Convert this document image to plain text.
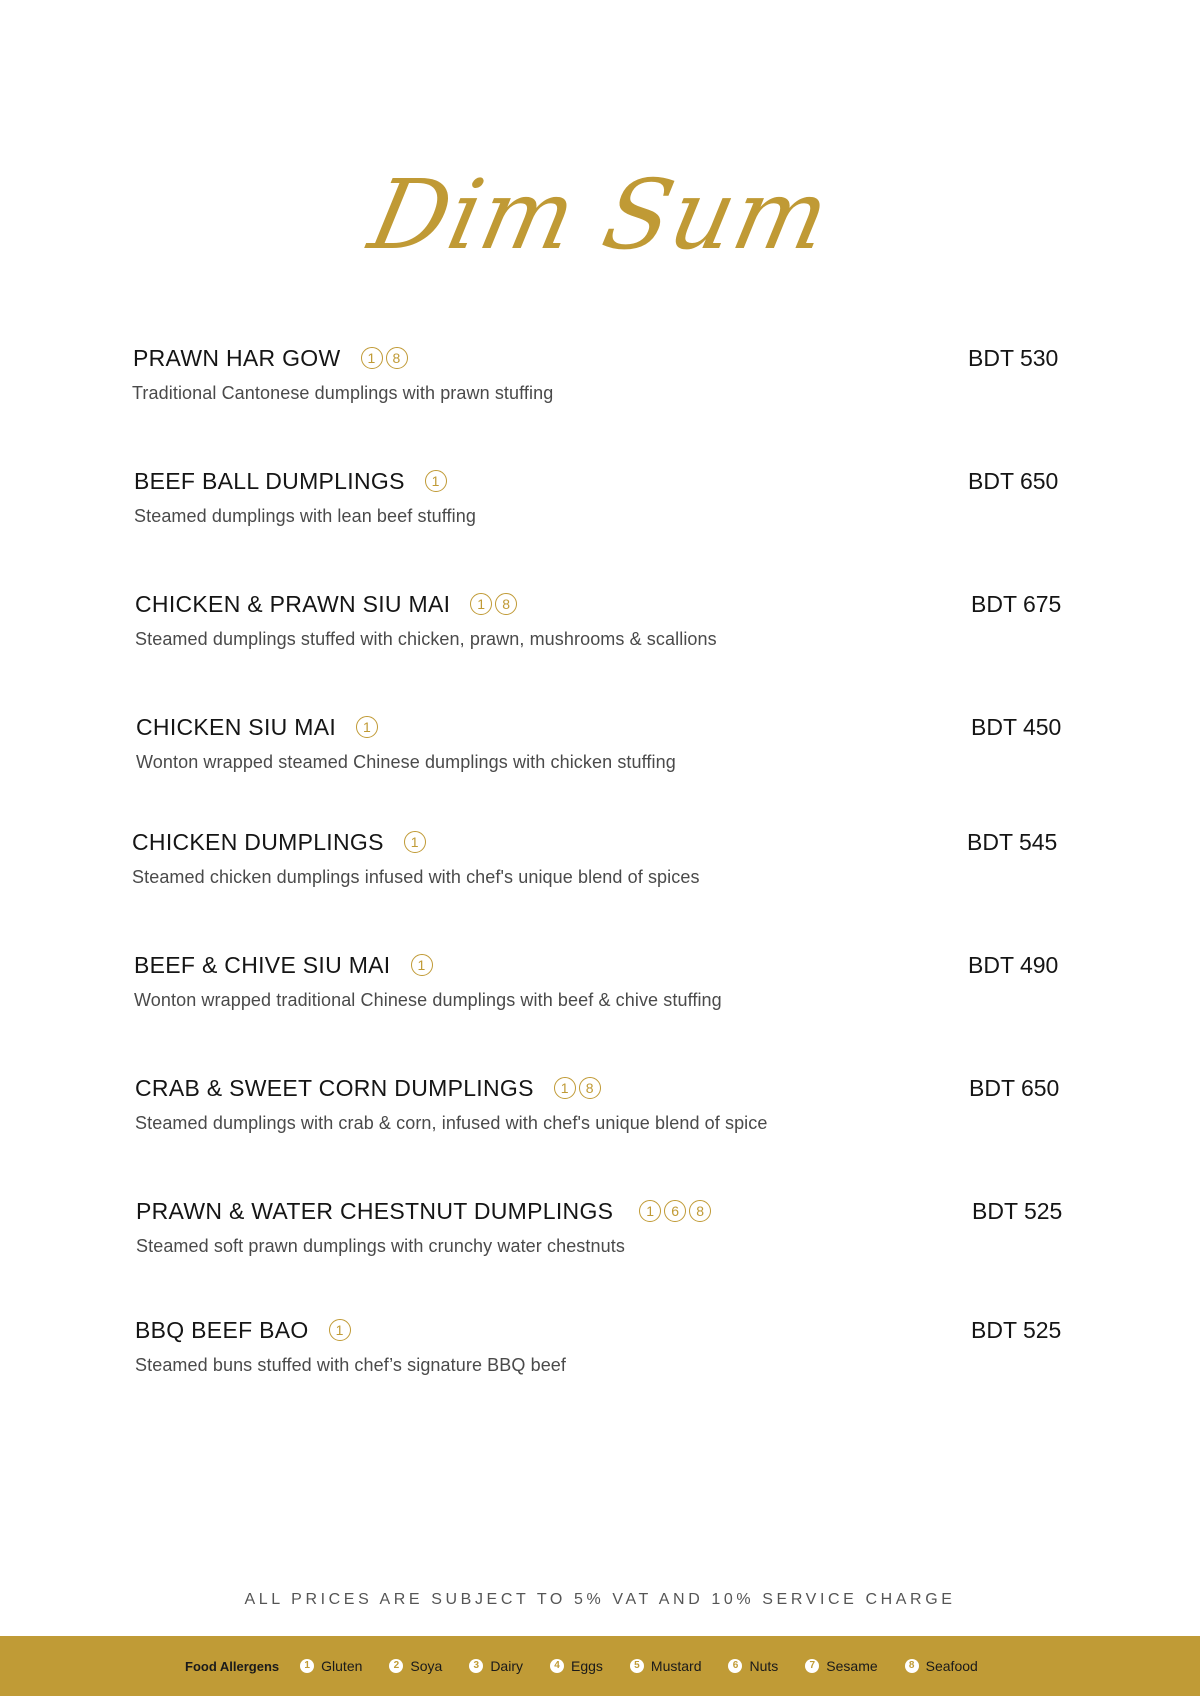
Dim Sum
PRAWN HAR GOW	1	8
Traditional Cantonese dumplings with prawn stuffing
BDT 530
BEEF BALL DUMPLINGS	1
Steamed dumplings with lean beef stuffing
BDT 650
CHICKEN & PRAWN SIU MAI	1	8
Steamed dumplings stuffed with chicken, prawn, mushrooms & scallions
BDT 675
CHICKEN SIU MAI	1
Wonton wrapped steamed Chinese dumplings with chicken stuffing
BDT 450
CHICKEN DUMPLINGS	1
Steamed chicken dumplings infused with chef's unique blend of spices
BDT 545
BEEF & CHIVE SIU MAI	1
Wonton wrapped traditional Chinese dumplings with beef & chive stuffing
BDT 490
CRAB & SWEET CORN DUMPLINGS	1	8
Steamed dumplings with crab & corn, infused with chef's unique blend of spice
BDT 650
PRAWN & WATER CHESTNUT DUMPLINGS	1	6	8
Steamed soft prawn dumplings with crunchy water chestnuts
BDT 525
BBQ BEEF BAO	1
Steamed buns stuffed with chef’s signature BBQ beef
BDT 525
ALL PRICES ARE SUBJECT TO 5% VAT AND 10% SERVICE CHARGE
Food Allergens	1 Gluten	2 Soya	3 Dairy	4 Eggs	5 Mustard	6 Nuts	7 Sesame	8 Seafood
